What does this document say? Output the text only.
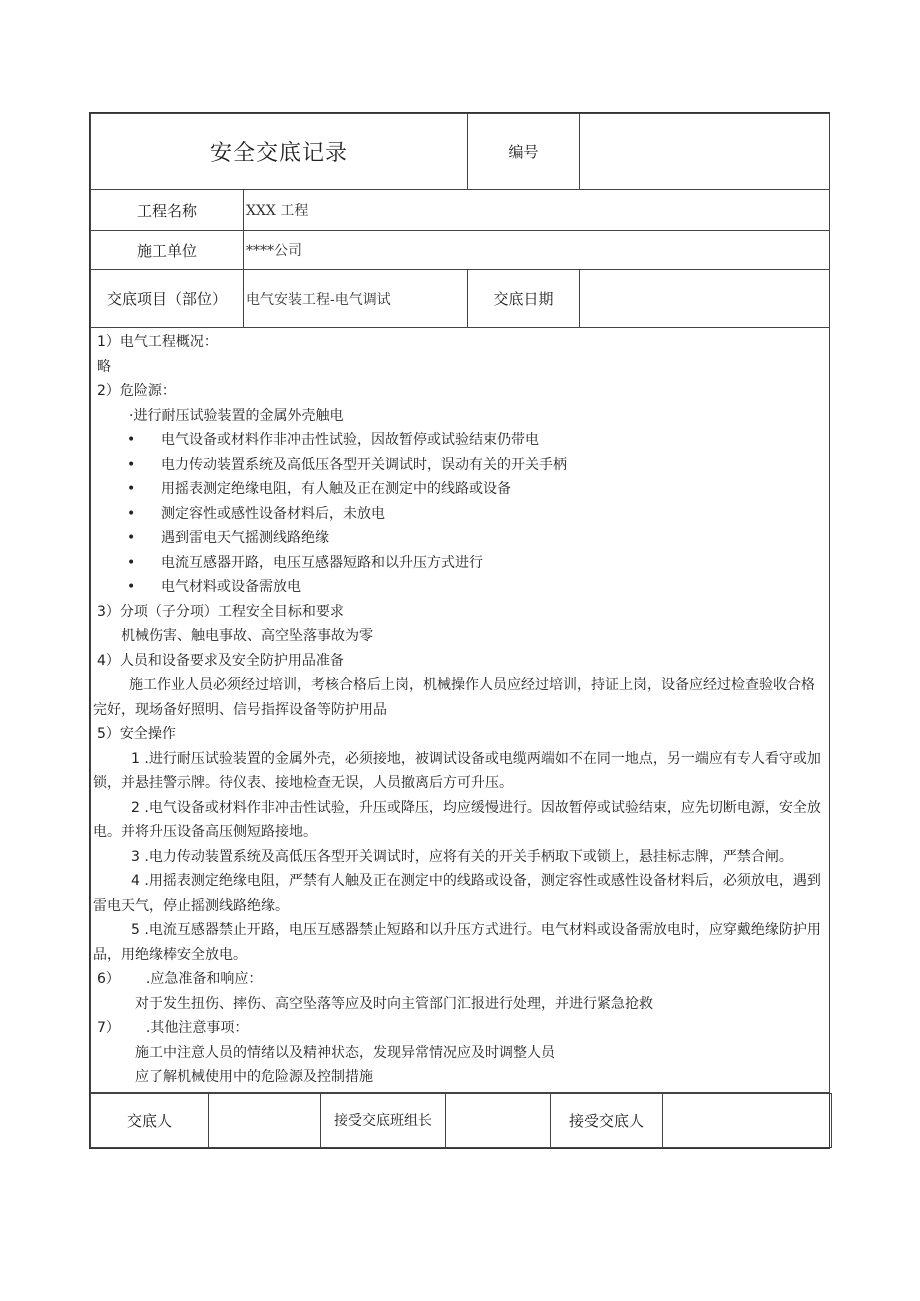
安全交底记录		编号	
工程名称	XXX 工程		
施工单位	****公司		
交底项目（部位）	电气安装工程-电气调试	交底日期	

1）电气工程概况：
略
2）危险源：
·进行耐压试验装置的金属外壳触电
• 电气设备或材料作非冲击性试验，因故暂停或试验结束仍带电
• 电力传动装置系统及高低压各型开关调试时，误动有关的开关手柄
• 用摇表测定绝缘电阻，有人触及正在测定中的线路或设备
• 测定容性或感性设备材料后，未放电
• 遇到雷电天气摇测线路绝缘
• 电流互感器开路，电压互感器短路和以升压方式进行
• 电气材料或设备需放电
3）分项（子分项）工程安全目标和要求
机械伤害、触电事故、高空坠落事故为零
4）人员和设备要求及安全防护用品准备
施工作业人员必须经过培训，考核合格后上岗，机械操作人员应经过培训，持证上岗，设备应经过检查验收合格完好，现场备好照明、信号指挥设备等防护用品
5）安全操作
1 .进行耐压试验装置的金属外壳，必须接地，被调试设备或电缆两端如不在同一地点，另一端应有专人看守或加锁，并悬挂警示牌。待仪表、接地检查无误，人员撤离后方可升压。
2 .电气设备或材料作非冲击性试验，升压或降压，均应缓慢进行。因故暂停或试验结束，应先切断电源，安全放电。并将升压设备高压侧短路接地。
3 .电力传动装置系统及高低压各型开关调试时，应将有关的开关手柄取下或锁上，悬挂标志牌，严禁合闸。
4 .用摇表测定绝缘电阻，严禁有人触及正在测定中的线路或设备，测定容性或感性设备材料后，必须放电，遇到雷电天气，停止摇测线路绝缘。
5 .电流互感器禁止开路，电压互感器禁止短路和以升压方式进行。电气材料或设备需放电时，应穿戴绝缘防护用品，用绝缘棒安全放电。
6） .应急准备和响应：
对于发生扭伤、摔伤、高空坠落等应及时向主管部门汇报进行处理，并进行紧急抢救
7） .其他注意事项：
施工中注意人员的情绪以及精神状态，发现异常情况应及时调整人员
应了解机械使用中的危险源及控制措施
交底人		接受交底班组长		接受交底人	
